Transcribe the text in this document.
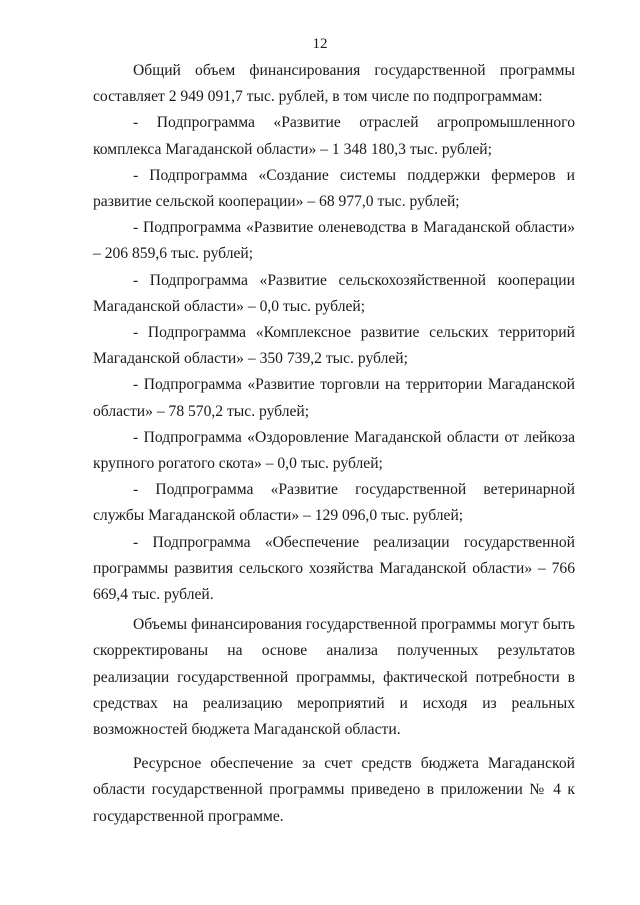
12

Общий объем финансирования государственной программы составляет 2 949 091,7 тыс. рублей, в том числе по подпрограммам:

- Подпрограмма «Развитие отраслей агропромышленного комплекса Магаданской области» – 1 348 180,3 тыс. рублей;

- Подпрограмма «Создание системы поддержки фермеров и развитие сельской кооперации» – 68 977,0 тыс. рублей;

- Подпрограмма «Развитие оленеводства в Магаданской области» – 206 859,6 тыс. рублей;

- Подпрограмма «Развитие сельскохозяйственной кооперации Магаданской области» – 0,0 тыс. рублей;

- Подпрограмма «Комплексное развитие сельских территорий Магаданской области» – 350 739,2 тыс. рублей;

- Подпрограмма «Развитие торговли на территории Магаданской области» – 78 570,2 тыс. рублей;

- Подпрограмма «Оздоровление Магаданской области от лейкоза крупного рогатого скота» – 0,0 тыс. рублей;

- Подпрограмма «Развитие государственной ветеринарной службы Магаданской области» – 129 096,0 тыс. рублей;

- Подпрограмма «Обеспечение реализации государственной программы развития сельского хозяйства Магаданской области» – 766 669,4 тыс. рублей.

Объемы финансирования государственной программы могут быть скорректированы на основе анализа полученных результатов реализации государственной программы, фактической потребности в средствах на реализацию мероприятий и исходя из реальных возможностей бюджета Магаданской области.

Ресурсное обеспечение за счет средств бюджета Магаданской области государственной программы приведено в приложении № 4 к государственной программе.
